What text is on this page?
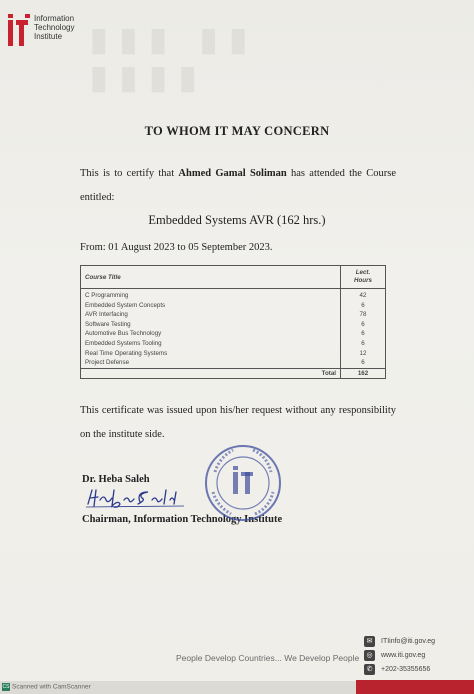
Information
Technology
Institute ▮▮▮ ▮▮ ▮▮▮▮
TO WHOM IT MAY CONCERN
This is to certify that Ahmed Gamal Soliman has attended the Course entitled:
Embedded Systems AVR (162 hrs.)
From: 01 August 2023 to 05 September 2023.
Course Title	Lect.
Hours

C Programming	42
Embedded System Concepts	6
AVR Interfacing	78
Software Testing	6
Automotive Bus Technology	6
Embedded Systems Tooling	6
Real Time Operating Systems	12
Project Defense	6
Total	162
This certificate was issued upon his/her request without any responsibility on the institute side.
Dr. Heba Saleh
Chairman, Information Technology Institute
✉	ITIinfo@iti.gov.eg
◎	www.iti.gov.eg
✆	+202-35355656
People Develop Countries... We Develop People
CS Scanned with CamScanner
